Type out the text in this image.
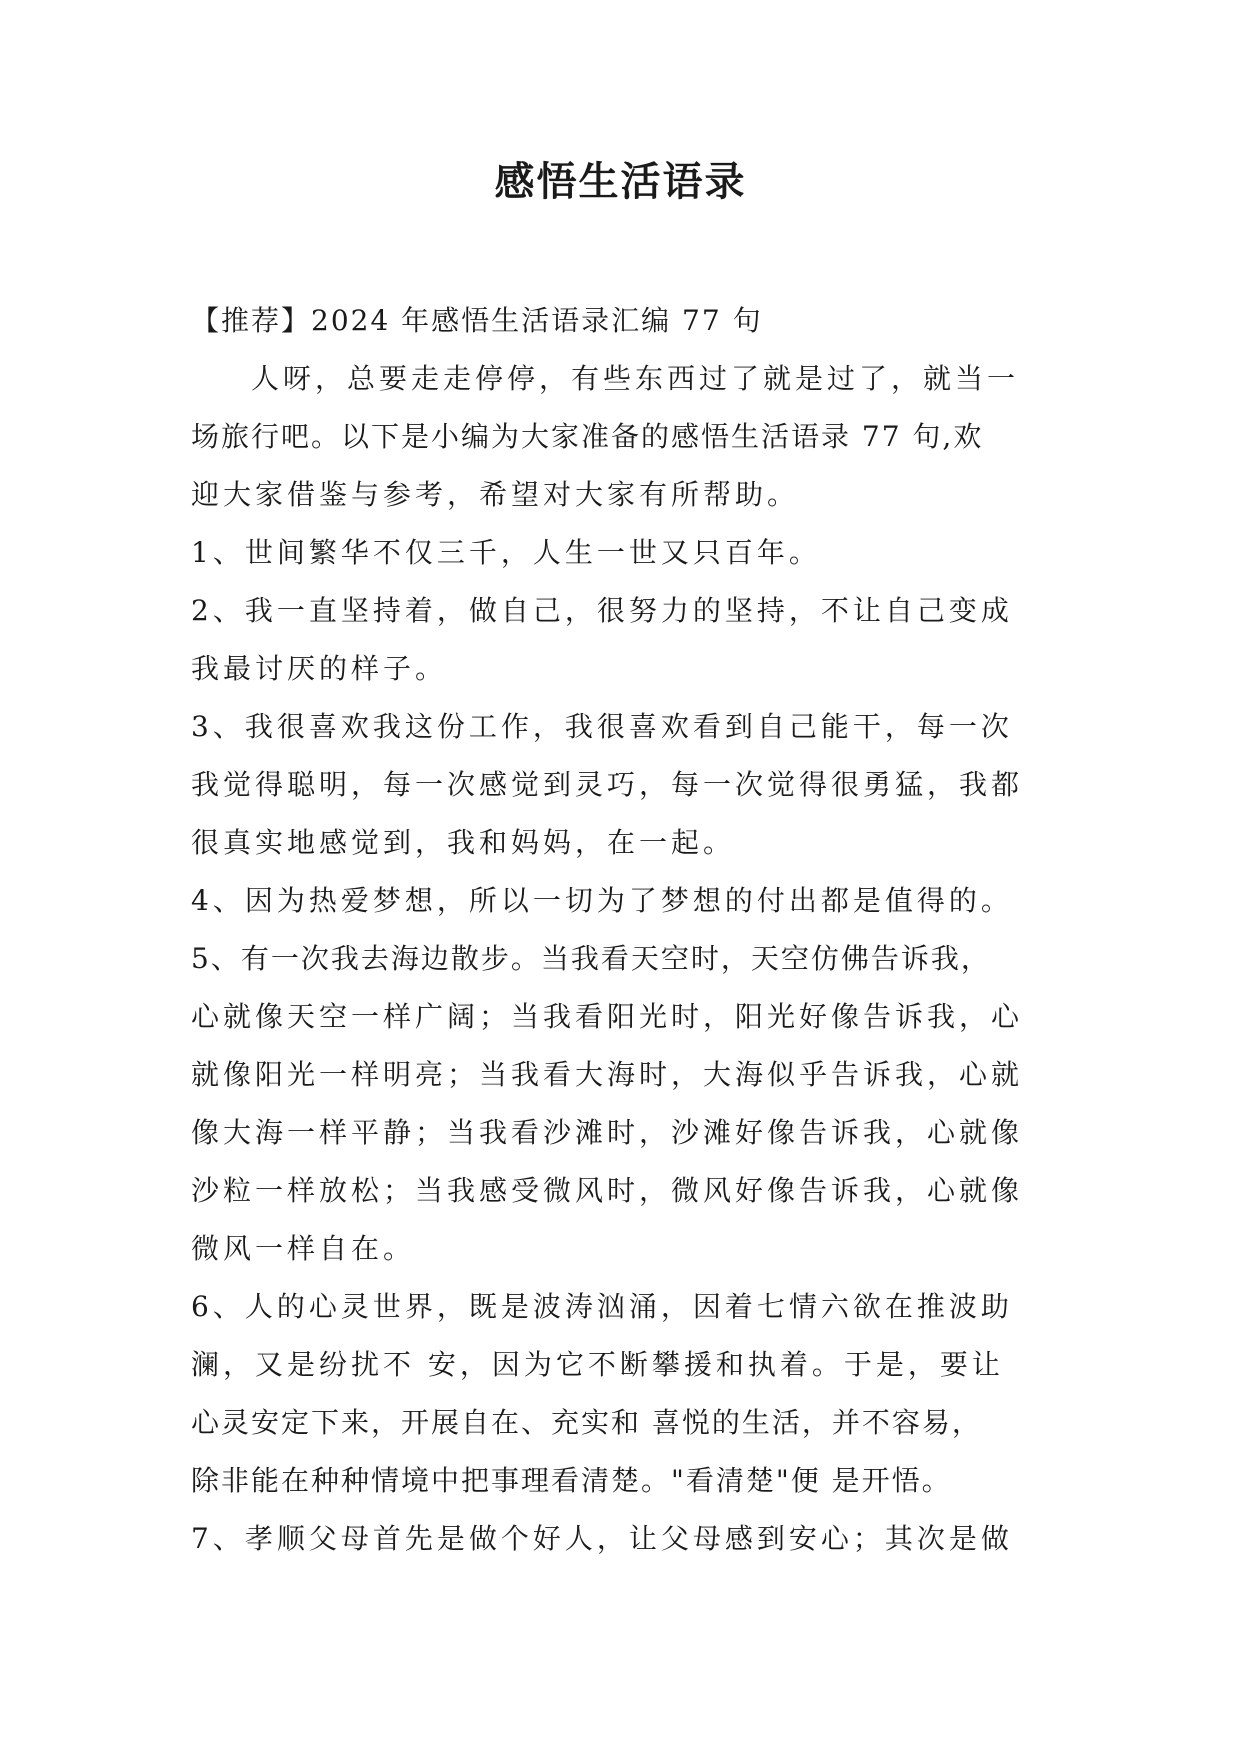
感悟生活语录
【推荐】2024 年感悟生活语录汇编 77 句
人呀，总要走走停停，有些东西过了就是过了，就当一
场旅行吧。以下是小编为大家准备的感悟生活语录 77 句,欢
迎大家借鉴与参考，希望对大家有所帮助。
1、世间繁华不仅三千，人生一世又只百年。
2、我一直坚持着，做自己，很努力的坚持，不让自己变成
我最讨厌的样子。
3、我很喜欢我这份工作，我很喜欢看到自己能干，每一次
我觉得聪明，每一次感觉到灵巧，每一次觉得很勇猛，我都
很真实地感觉到，我和妈妈，在一起。
4、因为热爱梦想，所以一切为了梦想的付出都是值得的。
5、有一次我去海边散步。当我看天空时，天空仿佛告诉我，
心就像天空一样广阔；当我看阳光时，阳光好像告诉我，心
就像阳光一样明亮；当我看大海时，大海似乎告诉我，心就
像大海一样平静；当我看沙滩时，沙滩好像告诉我，心就像
沙粒一样放松；当我感受微风时，微风好像告诉我，心就像
微风一样自在。
6、人的心灵世界，既是波涛汹涌，因着七情六欲在推波助
澜，又是纷扰不 安，因为它不断攀援和执着。于是，要让
心灵安定下来，开展自在、充实和 喜悦的生活，并不容易，
除非能在种种情境中把事理看清楚。"看清楚"便 是开悟。
7、孝顺父母首先是做个好人，让父母感到安心；其次是做
